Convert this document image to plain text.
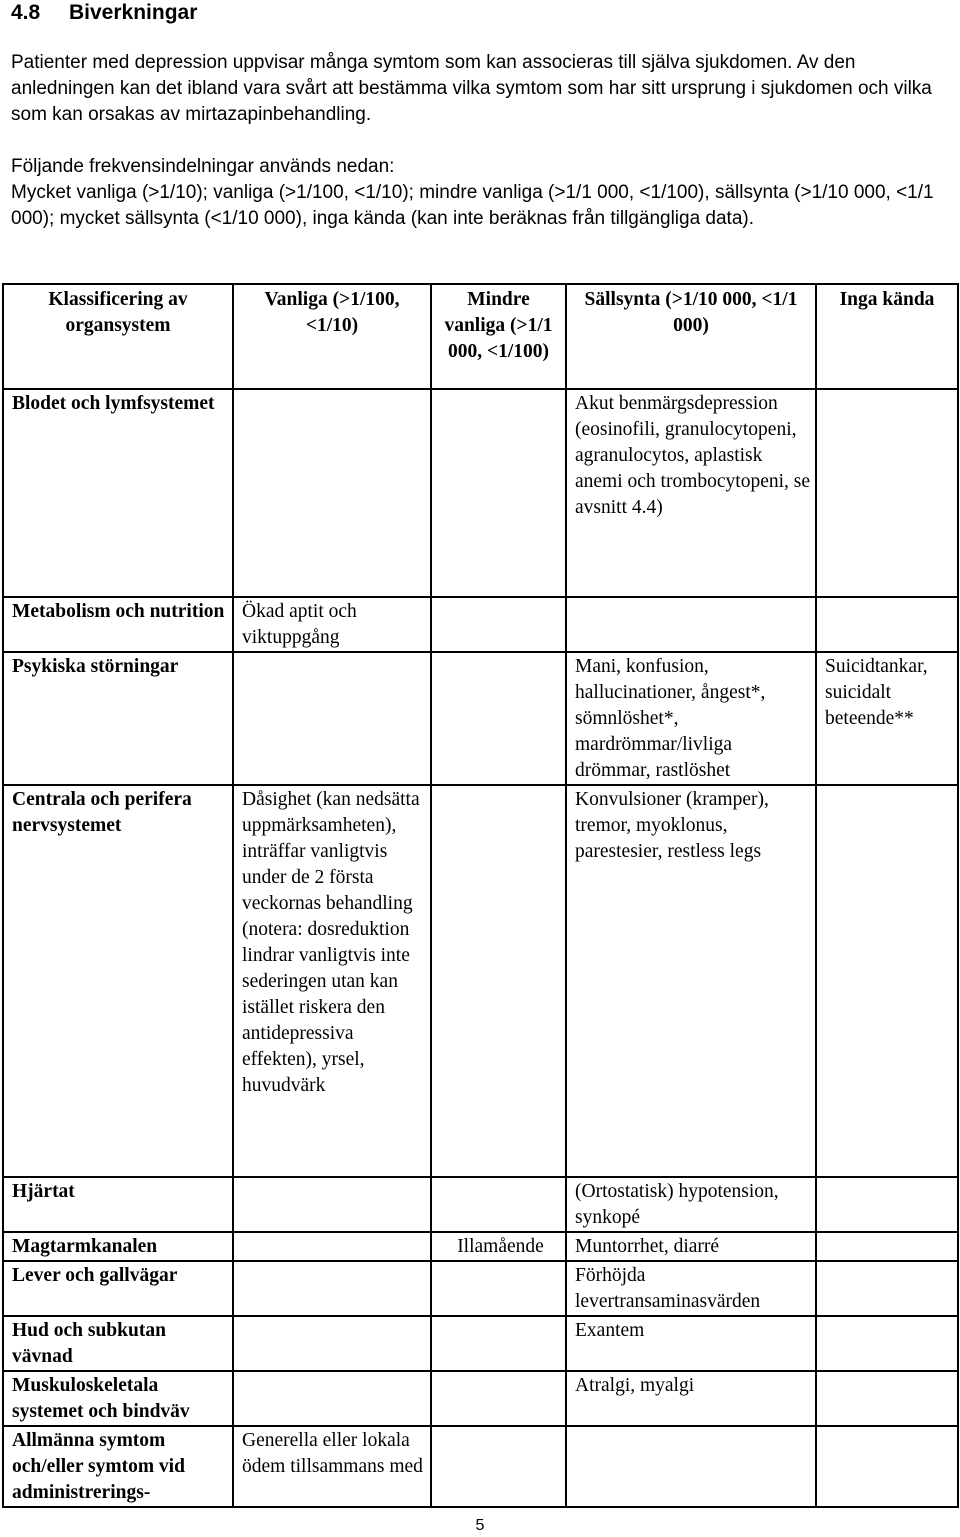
4.8 Biverkningar

Patienter med depression uppvisar många symtom som kan associeras till själva sjukdomen. Av den anledningen kan det ibland vara svårt att bestämma vilka symtom som har sitt ursprung i sjukdomen och vilka som kan orsakas av mirtazapinbehandling.

Följande frekvensindelningar används nedan:
Mycket vanliga (>1/10); vanliga (>1/100, <1/10); mindre vanliga (>1/1 000, <1/100), sällsynta (>1/10 000, <1/1 000); mycket sällsynta (<1/10 000), inga kända (kan inte beräknas från tillgängliga data).
Klassificering av organsystem	Vanliga (>1/100, <1/10)	Mindre vanliga (>1/1 000, <1/100)	Sällsynta (>1/10 000, <1/1 000)	Inga kända
Blodet och lymfsystemet			Akut benmärgsdepression (eosinofili, granulocytopeni, agranulocytos, aplastisk anemi och trombocytopeni, se avsnitt 4.4)	
Metabolism och nutrition	Ökad aptit och viktuppgång			
Psykiska störningar			Mani, konfusion, hallucinationer, ångest*, sömnlöshet*, mardrömmar/livliga drömmar, rastlöshet	Suicidtankar, suicidalt beteende**
Centrala och perifera nervsystemet	Dåsighet (kan nedsätta uppmärksamheten), inträffar vanligtvis under de 2 första veckornas behandling (notera: dosreduktion lindrar vanligtvis inte sederingen utan kan istället riskera den antidepressiva effekten), yrsel, huvudvärk		Konvulsioner (kramper), tremor, myoklonus, parestesier, restless legs	
Hjärtat			(Ortostatisk) hypotension, synkopé	
Magtarmkanalen		Illamående	Muntorrhet, diarré	
Lever och gallvägar			Förhöjda levertransaminasvärden	
Hud och subkutan vävnad			Exantem	
Muskuloskeletala systemet och bindväv			Atralgi, myalgi	
Allmänna symtom och/eller symtom vid administrerings-	Generella eller lokala ödem tillsammans med			
5
